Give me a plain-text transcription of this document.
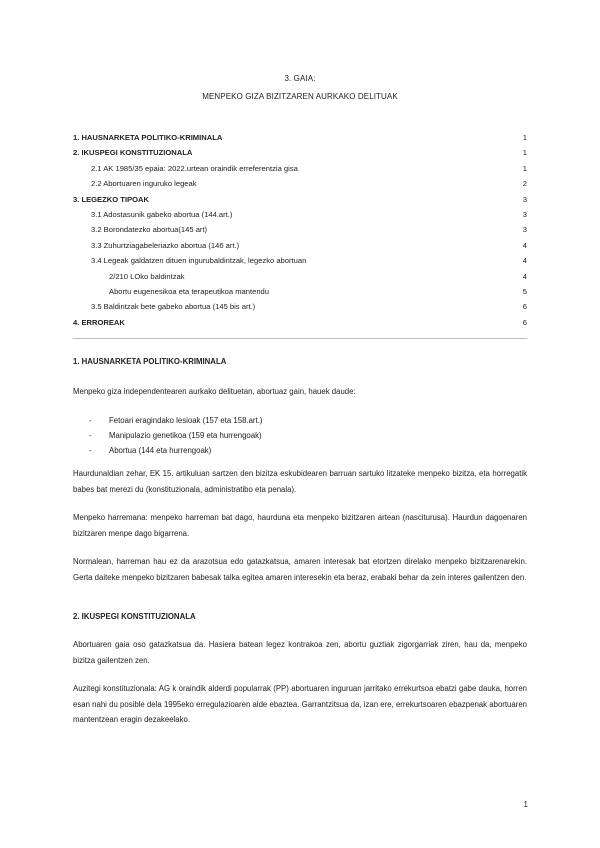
3. GAIA:
MENPEKO GIZA BIZITZAREN AURKAKO DELITUAK
1. HAUSNARKETA POLITIKO-KRIMINALA	1
2. IKUSPEGI KONSTITUZIONALA	1
2.1 AK 1985/35 epaia: 2022.urtean oraindik erreferentzia gisa	1
2.2 Abortuaren inguruko legeak	2
3. LEGEZKO TIPOAK	3
3.1 Adostasunik gabeko abortua (144.art.)	3
3.2 Borondatezko abortua(145 art)	3
3.3 Zuhurtziagabeleriazko abortua (146 art.)	4
3.4 Legeak galdatzen dituen ingurubaldintzak, legezko abortuan	4
2/210 LOko baldintzak	4
Abortu eugenesikoa eta terapeutikoa mantendu	5
3.5 Baldintzak bete gabeko abortua (145 bis art.)	6
4. ERROREAK	6
1. HAUSNARKETA POLITIKO-KRIMINALA
Menpeko giza independentearen aurkako delituetan, abortuaz gain, hauek daude:
- Fetoari eragindako lesioak (157 eta 158.art.)
- Manipulazio genetikoa (159 eta hurrengoak)
- Abortua (144 eta hurrengoak)
Haurdunaldian zehar, EK 15. artikuluan sartzen den bizitza eskubidearen barruan sartuko litzateke menpeko bizitza, eta horregatik babes bat merezi du (konstituzionala, administratibo eta penala).
Menpeko harremana: menpeko harreman bat dago, haurduna eta menpeko bizitzaren artean (nasciturusa). Haurdun dagoenaren bizitzaren menpe dago bigarrena.
Normalean, harreman hau ez da arazotsua edo gatazkatsua, amaren interesak bat etortzen direlako menpeko bizitzarenarekin. Gerta daiteke menpeko bizitzaren babesak talka egitea amaren interesekin eta beraz, erabaki behar da zein interes gailentzen den.
2. IKUSPEGI KONSTITUZIONALA
Abortuaren gaia oso gatazkatsua da. Hasiera batean legez kontrakoa zen, abortu guztiak zigorgarriak ziren, hau da, menpeko bizitza gailentzen zen.
Auzitegi konstituzionala: AG k oraindik alderdi popularrak (PP) abortuaren inguruan jarritako errekurtsoa ebatzi gabe dauka, horren esan nahi du posible dela 1995eko erregulazioaren alde ebaztea. Garrantzitsua da, izan ere, errekurtsoaren ebazpenak abortuaren mantentzean eragin dezakeelako.
1
